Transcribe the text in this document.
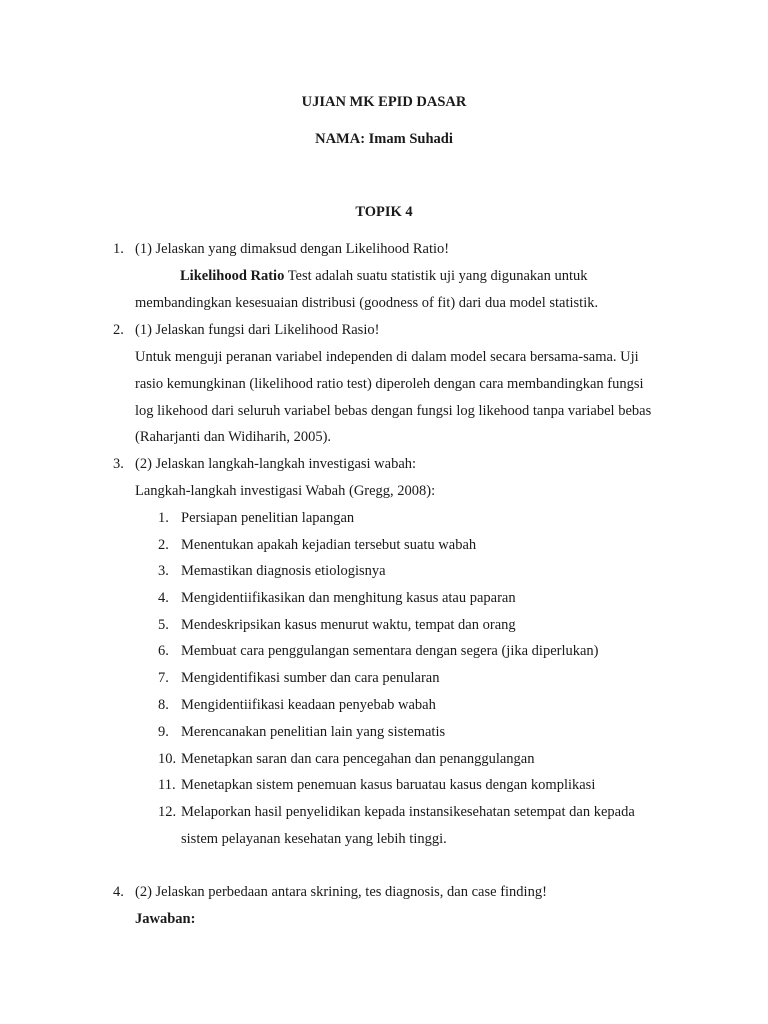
UJIAN MK EPID DASAR
NAMA: Imam Suhadi
TOPIK 4
1. (1) Jelaskan yang dimaksud dengan Likelihood Ratio!
Likelihood Ratio Test adalah suatu statistik uji yang digunakan untuk
membandingkan kesesuaian distribusi (goodness of fit) dari dua model statistik.
2. (1) Jelaskan fungsi dari Likelihood Rasio!
Untuk menguji peranan variabel independen di dalam model secara bersama-sama. Uji
rasio kemungkinan (likelihood ratio test) diperoleh dengan cara membandingkan fungsi
log likehood dari seluruh variabel bebas dengan fungsi log likehood tanpa variabel bebas
(Raharjanti dan Widiharih, 2005).
3. (2) Jelaskan langkah-langkah investigasi wabah:
Langkah-langkah investigasi Wabah (Gregg, 2008):
1. Persiapan penelitian lapangan
2. Menentukan apakah kejadian tersebut suatu wabah
3. Memastikan diagnosis etiologisnya
4. Mengidentiifikasikan dan menghitung kasus atau paparan
5. Mendeskripsikan kasus menurut waktu, tempat dan orang
6. Membuat cara penggulangan sementara dengan segera (jika diperlukan)
7. Mengidentifikasi sumber dan cara penularan
8. Mengidentiifikasi keadaan penyebab wabah
9. Merencanakan penelitian lain yang sistematis
10. Menetapkan saran dan cara pencegahan dan penanggulangan
11. Menetapkan sistem penemuan kasus baruatau kasus dengan komplikasi
12. Melaporkan hasil penyelidikan kepada instansikesehatan setempat dan kepada
sistem pelayanan kesehatan yang lebih tinggi.
4. (2) Jelaskan perbedaan antara skrining, tes diagnosis, dan case finding!
Jawaban:
